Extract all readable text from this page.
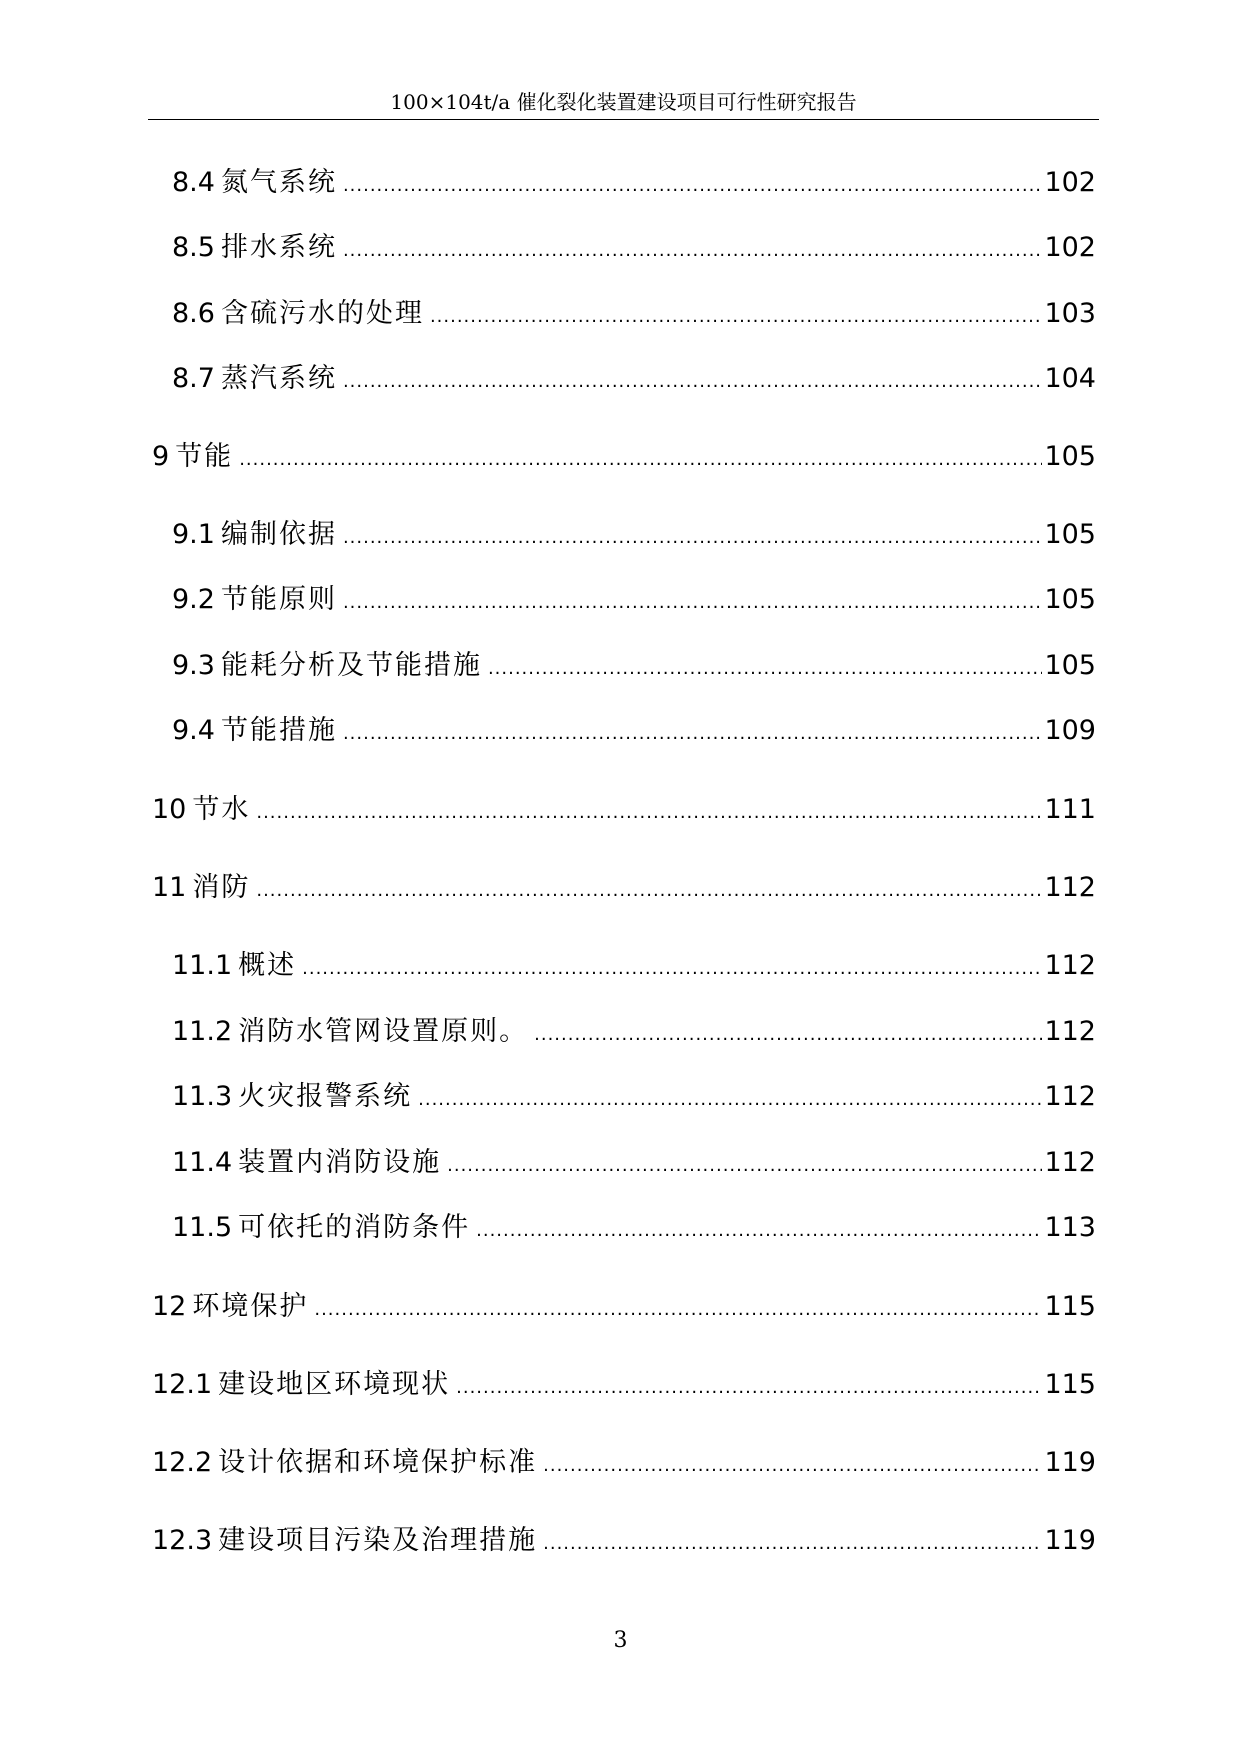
100×104t/a 催化裂化装置建设项目可行性研究报告
8.4 氮气系统 .....	102
8.5 排水系统 .....	102
8.6 含硫污水的处理 .....	103
8.7 蒸汽系统 .....	104
9 节能 .....	105
9.1 编制依据 .....	105
9.2 节能原则 .....	105
9.3 能耗分析及节能措施 .....	105
9.4 节能措施 .....	109
10 节水 .....	111
11 消防 .....	112
11.1 概述 .....	112
11.2 消防水管网设置原则。 .....	112
11.3 火灾报警系统 .....	112
11.4 装置内消防设施 .....	112
11.5 可依托的消防条件 .....	113
12 环境保护 .....	115
12.1 建设地区环境现状 .....	115
12.2 设计依据和环境保护标准 .....	119
12.3 建设项目污染及治理措施 .....	119
3
